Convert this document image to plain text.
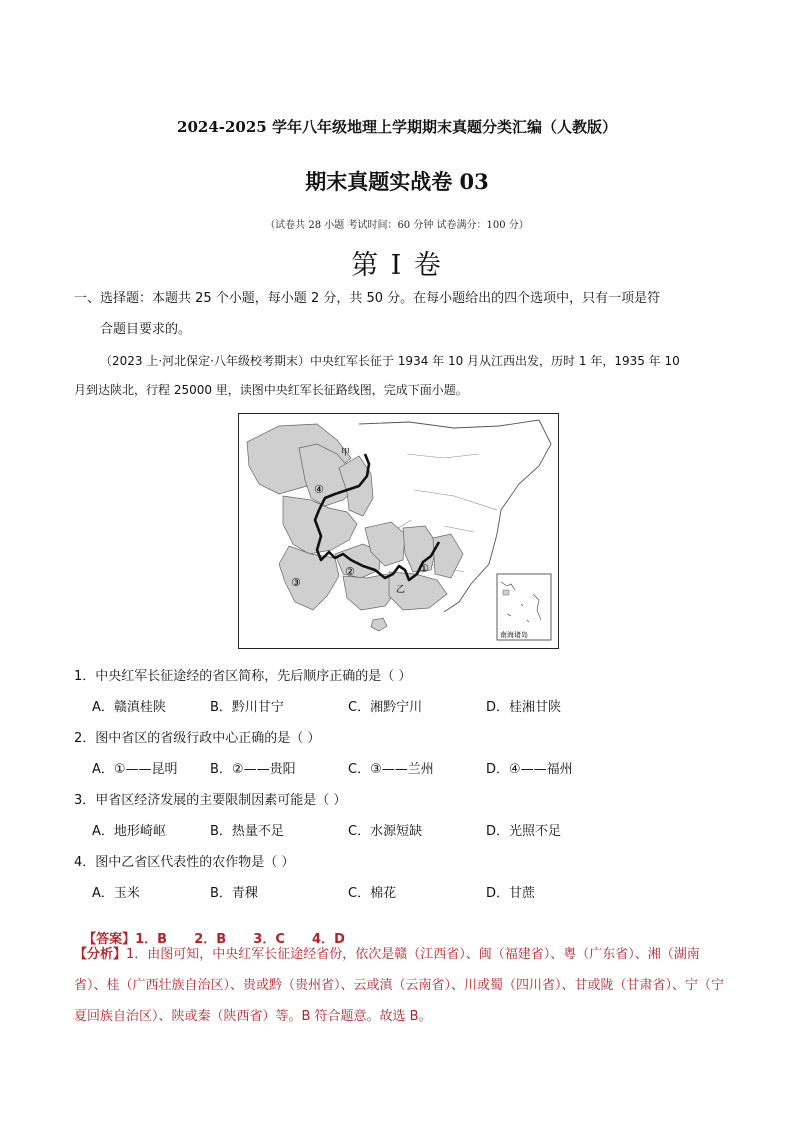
2024-2025 学年八年级地理上学期期末真题分类汇编（人教版）
期末真题实战卷 03
（试卷共 28 小题 考试时间：60 分钟 试卷满分：100 分）
第 I 卷
一、选择题：本题共 25 个小题，每小题 2 分，共 50 分。在每小题给出的四个选项中，只有一项是符
合题目要求的。
（2023 上·河北保定·八年级校考期末）中央红军长征于 1934 年 10 月从江西出发，历时 1 年，1935 年 10
月到达陕北，行程 25000 里，读图中央红军长征路线图，完成下面小题。
甲
④
②
③
①
乙
南海诸岛
1．中央红军长征途经的省区简称，先后顺序正确的是（ ）
A．赣滇桂陕	B．黔川甘宁	C．湘黔宁川	D．桂湘甘陕
2．图中省区的省级行政中心正确的是（ ）
A．①——昆明 B．②——贵阳	C．③——兰州	D．④——福州
3．甲省区经济发展的主要限制因素可能是（ ）
A．地形崎岖	B．热量不足	C．水源短缺	D．光照不足
4．图中乙省区代表性的农作物是（ ）
A．玉米	B．青稞	C．棉花	D．甘蔗

【答案】1．B      2．B      3．C      4．D

【分析】1．由图可知，中央红军长征途经省份，依次是赣（江西省）、闽（福建省）、粤（广东省）、湘（湖南省）、桂（广西壮族自治区）、贵或黔（贵州省）、云或滇（云南省）、川或蜀（四川省）、甘或陇（甘肃省）、宁（宁夏回族自治区）、陕或秦（陕西省）等。B 符合题意。故选 B。
